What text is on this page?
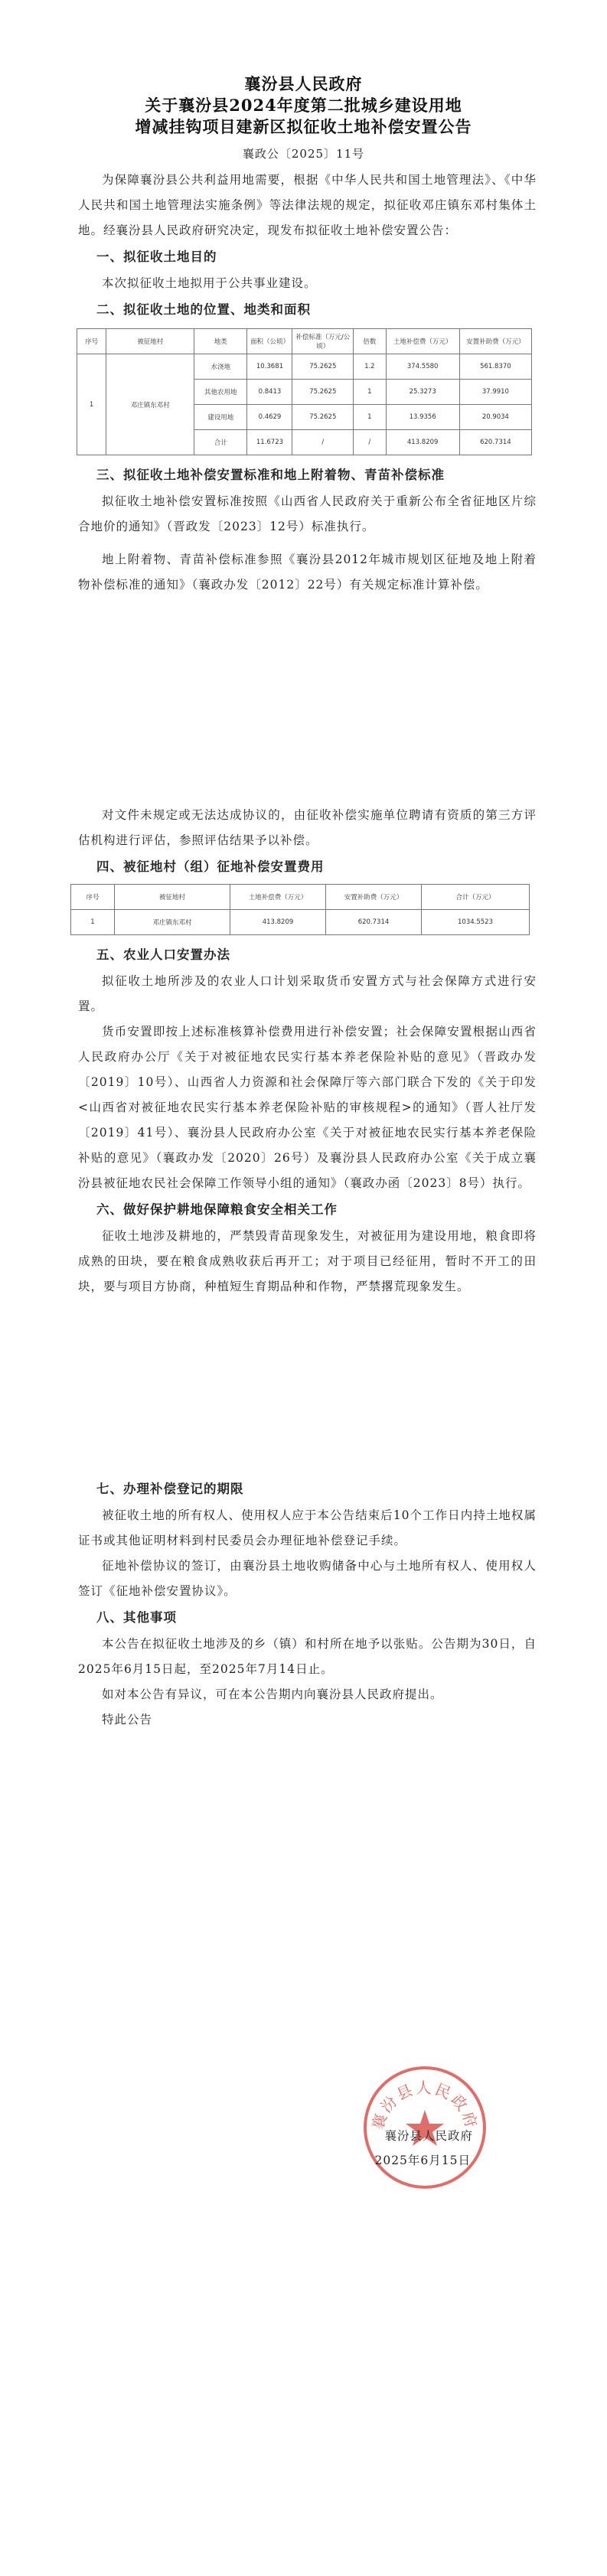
襄汾县人民政府
关于襄汾县2024年度第二批城乡建设用地
增减挂钩项目建新区拟征收土地补偿安置公告
襄政公〔2025〕11号

为保障襄汾县公共利益用地需要，根据《中华人民共和国土地管理法》、《中华人民共和国土地管理法实施条例》等法律法规的规定，拟征收邓庄镇东邓村集体土地。经襄汾县人民政府研究决定，现发布拟征收土地补偿安置公告：

一、拟征收土地目的

本次拟征收土地拟用于公共事业建设。

二、拟征收土地的位置、地类和面积
序号	被征地村	地类	面积（公顷）	补偿标准（万元/公顷）	倍数	土地补偿费（万元）	安置补助费（万元）
1	邓庄镇东邓村	水浇地	10.3681	75.2625	1.2	374.5580	561.8370
		其他农用地	0.8413	75.2625	1	25.3273	37.9910
		建设用地	0.4629	75.2625	1	13.9356	20.9034
		合计	11.6723	/	/	413.8209	620.7314
三、拟征收土地补偿安置标准和地上附着物、青苗补偿标准

拟征收土地补偿安置标准按照《山西省人民政府关于重新公布全省征地区片综合地价的通知》（晋政发〔2023〕12号）标准执行。

地上附着物、青苗补偿标准参照《襄汾县2012年城市规划区征地及地上附着物补偿标准的通知》（襄政办发〔2012〕22号）有关规定标准计算补偿。

对文件未规定或无法达成协议的，由征收补偿实施单位聘请有资质的第三方评估机构进行评估，参照评估结果予以补偿。

四、被征地村（组）征地补偿安置费用
序号	被征地村	土地补偿费（万元）	安置补助费（万元）	合计（万元）
1	邓庄镇东邓村	413.8209	620.7314	1034.5523
五、农业人口安置办法

拟征收土地所涉及的农业人口计划采取货币安置方式与社会保障方式进行安置。

货币安置即按上述标准核算补偿费用进行补偿安置；社会保障安置根据山西省人民政府办公厅《关于对被征地农民实行基本养老保险补贴的意见》（晋政办发〔2019〕10号）、山西省人力资源和社会保障厅等六部门联合下发的《关于印发<山西省对被征地农民实行基本养老保险补贴的审核规程>的通知》（晋人社厅发〔2019〕41号）、襄汾县人民政府办公室《关于对被征地农民实行基本养老保险补贴的意见》（襄政办发〔2020〕26号）及襄汾县人民政府办公室《关于成立襄汾县被征地农民社会保障工作领导小组的通知》（襄政办函〔2023〕8号）执行。

六、做好保护耕地保障粮食安全相关工作

征收土地涉及耕地的，严禁毁青苗现象发生，对被征用为建设用地，粮食即将成熟的田块，要在粮食成熟收获后再开工；对于项目已经征用，暂时不开工的田块，要与项目方协商，种植短生育期品种和作物，严禁撂荒现象发生。

七、办理补偿登记的期限

被征收土地的所有权人、使用权人应于本公告结束后10个工作日内持土地权属证书或其他证明材料到村民委员会办理征地补偿登记手续。

征地补偿协议的签订，由襄汾县土地收购储备中心与土地所有权人、使用权人签订《征地补偿安置协议》。

八、其他事项

本公告在拟征收土地涉及的乡（镇）和村所在地予以张贴。公告期为30日，自2025年6月15日起，至2025年7月14日止。

如对本公告有异议，可在本公告期内向襄汾县人民政府提出。

特此公告

襄汾县人民政府
襄汾县人民政府
2025年6月15日
